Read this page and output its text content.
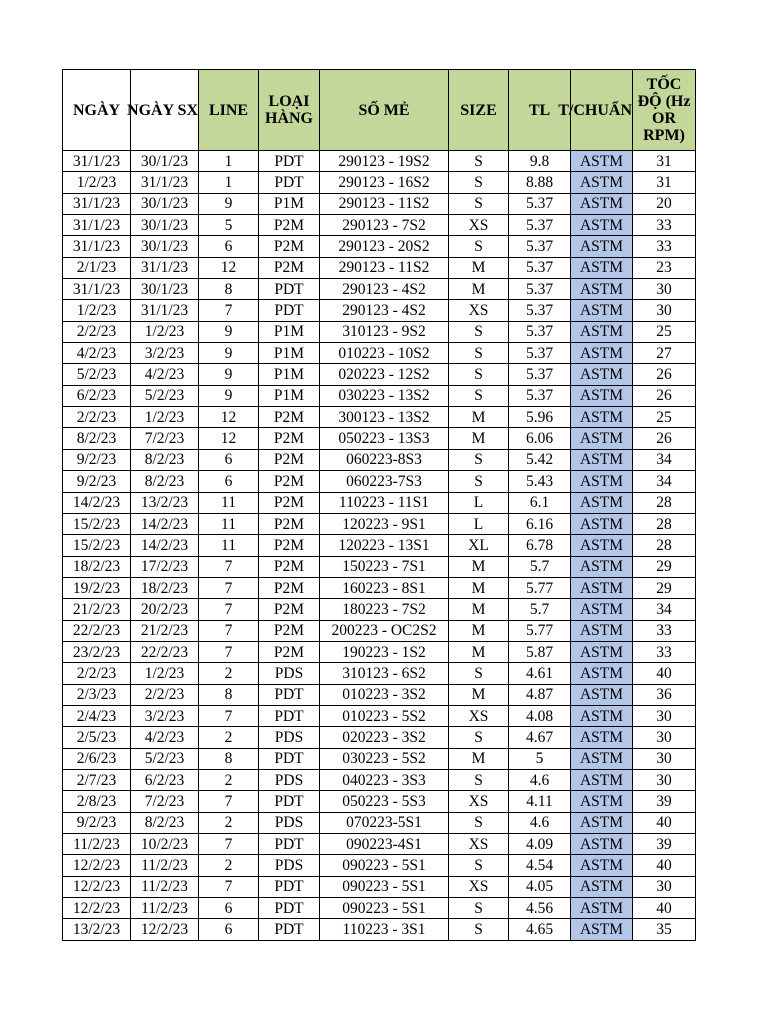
NGÀY	NGÀY SX	LINE	LOẠI HÀNG	SỐ MẺ	SIZE	TL	T/CHUẨN	TỐC ĐỘ (Hz OR RPM)
31/1/23	30/1/23	1	PDT	290123 - 19S2	S	9.8	ASTM	31
1/2/23	31/1/23	1	PDT	290123 - 16S2	S	8.88	ASTM	31
31/1/23	30/1/23	9	P1M	290123 - 11S2	S	5.37	ASTM	20
31/1/23	30/1/23	5	P2M	290123 - 7S2	XS	5.37	ASTM	33
31/1/23	30/1/23	6	P2M	290123 - 20S2	S	5.37	ASTM	33
2/1/23	31/1/23	12	P2M	290123 - 11S2	M	5.37	ASTM	23
31/1/23	30/1/23	8	PDT	290123 - 4S2	M	5.37	ASTM	30
1/2/23	31/1/23	7	PDT	290123 - 4S2	XS	5.37	ASTM	30
2/2/23	1/2/23	9	P1M	310123 - 9S2	S	5.37	ASTM	25
4/2/23	3/2/23	9	P1M	010223 - 10S2	S	5.37	ASTM	27
5/2/23	4/2/23	9	P1M	020223 - 12S2	S	5.37	ASTM	26
6/2/23	5/2/23	9	P1M	030223 - 13S2	S	5.37	ASTM	26
2/2/23	1/2/23	12	P2M	300123 - 13S2	M	5.96	ASTM	25
8/2/23	7/2/23	12	P2M	050223 - 13S3	M	6.06	ASTM	26
9/2/23	8/2/23	6	P2M	060223-8S3	S	5.42	ASTM	34
9/2/23	8/2/23	6	P2M	060223-7S3	S	5.43	ASTM	34
14/2/23	13/2/23	11	P2M	110223 - 11S1	L	6.1	ASTM	28
15/2/23	14/2/23	11	P2M	120223 - 9S1	L	6.16	ASTM	28
15/2/23	14/2/23	11	P2M	120223 - 13S1	XL	6.78	ASTM	28
18/2/23	17/2/23	7	P2M	150223 - 7S1	M	5.7	ASTM	29
19/2/23	18/2/23	7	P2M	160223 - 8S1	M	5.77	ASTM	29
21/2/23	20/2/23	7	P2M	180223 - 7S2	M	5.7	ASTM	34
22/2/23	21/2/23	7	P2M	200223 - OC2S2	M	5.77	ASTM	33
23/2/23	22/2/23	7	P2M	190223 - 1S2	M	5.87	ASTM	33
2/2/23	1/2/23	2	PDS	310123 - 6S2	S	4.61	ASTM	40
2/3/23	2/2/23	8	PDT	010223 - 3S2	M	4.87	ASTM	36
2/4/23	3/2/23	7	PDT	010223 - 5S2	XS	4.08	ASTM	30
2/5/23	4/2/23	2	PDS	020223 - 3S2	S	4.67	ASTM	30
2/6/23	5/2/23	8	PDT	030223 - 5S2	M	5	ASTM	30
2/7/23	6/2/23	2	PDS	040223 - 3S3	S	4.6	ASTM	30
2/8/23	7/2/23	7	PDT	050223 - 5S3	XS	4.11	ASTM	39
9/2/23	8/2/23	2	PDS	070223-5S1	S	4.6	ASTM	40
11/2/23	10/2/23	7	PDT	090223-4S1	XS	4.09	ASTM	39
12/2/23	11/2/23	2	PDS	090223 - 5S1	S	4.54	ASTM	40
12/2/23	11/2/23	7	PDT	090223 - 5S1	XS	4.05	ASTM	30
12/2/23	11/2/23	6	PDT	090223 - 5S1	S	4.56	ASTM	40
13/2/23	12/2/23	6	PDT	110223 - 3S1	S	4.65	ASTM	35
